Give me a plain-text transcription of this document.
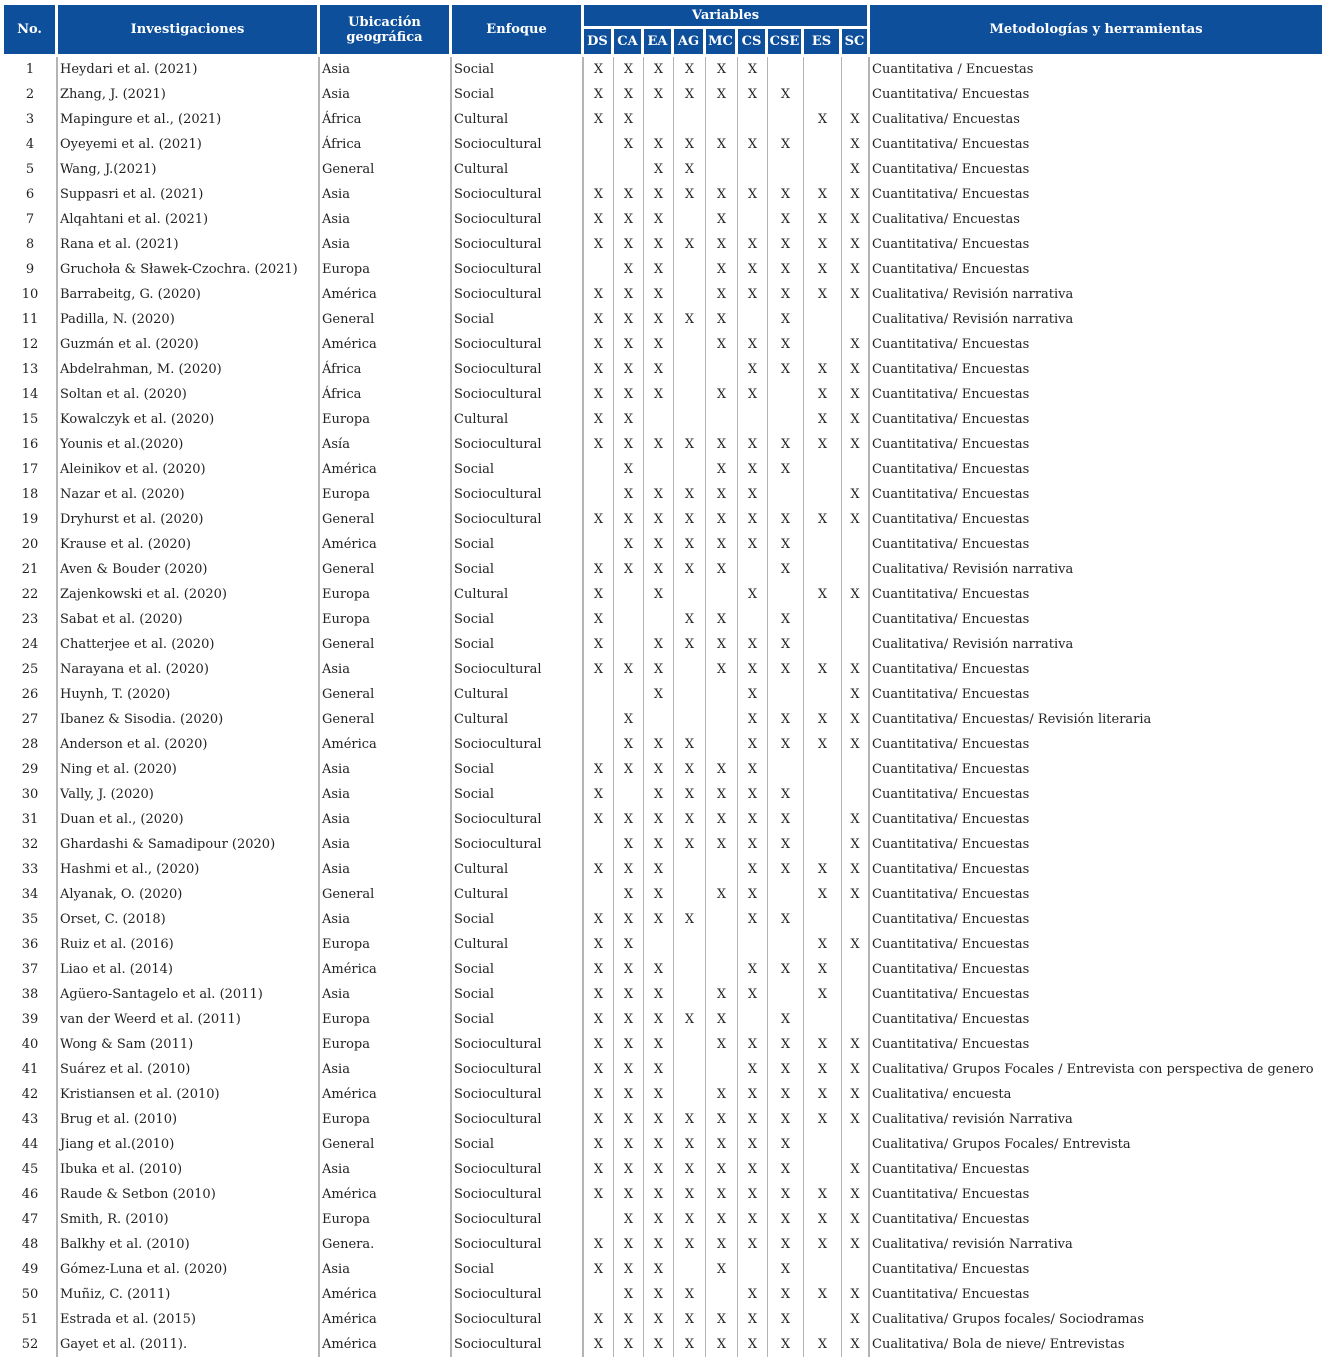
No.	Investigaciones	Ubicación geográfica	Enfoque	Variables									Metodologías y herramientas
				DS	CA	EA	AG	MC	CS	CSE	ES	SC	
1	Heydari et al. (2021)	Asia	Social	X	X	X	X	X	X				Cuantitativa / Encuestas
2	Zhang, J. (2021)	Asia	Social	X	X	X	X	X	X	X			Cuantitativa/ Encuestas
3	Mapingure et al., (2021)	África	Cultural	X	X						X	X	Cualitativa/ Encuestas
4	Oyeyemi et al. (2021)	África	Sociocultural		X	X	X	X	X	X		X	Cuantitativa/ Encuestas
5	Wang, J.(2021)	General	Cultural			X	X					X	Cuantitativa/ Encuestas
6	Suppasri et al. (2021)	Asia	Sociocultural	X	X	X	X	X	X	X	X	X	Cuantitativa/ Encuestas
7	Alqahtani et al. (2021)	Asia	Sociocultural	X	X	X		X		X	X	X	Cualitativa/ Encuestas
8	Rana et al. (2021)	Asia	Sociocultural	X	X	X	X	X	X	X	X	X	Cuantitativa/ Encuestas
9	Gruchoła & Sławek-Czochra. (2021)	Europa	Sociocultural		X	X		X	X	X	X	X	Cuantitativa/ Encuestas
10	Barrabeitg, G. (2020)	América	Sociocultural	X	X	X		X	X	X	X	X	Cualitativa/ Revisión narrativa
11	Padilla, N. (2020)	General	Social	X	X	X	X	X		X			Cualitativa/ Revisión narrativa
12	Guzmán et al. (2020)	América	Sociocultural	X	X	X		X	X	X		X	Cuantitativa/ Encuestas
13	Abdelrahman, M. (2020)	África	Sociocultural	X	X	X			X	X	X	X	Cuantitativa/ Encuestas
14	Soltan et al. (2020)	África	Sociocultural	X	X	X		X	X		X	X	Cuantitativa/ Encuestas
15	Kowalczyk et al. (2020)	Europa	Cultural	X	X						X	X	Cuantitativa/ Encuestas
16	Younis et al.(2020)	Asía	Sociocultural	X	X	X	X	X	X	X	X	X	Cuantitativa/ Encuestas
17	Aleinikov et al. (2020)	América	Social		X			X	X	X			Cuantitativa/ Encuestas
18	Nazar et al. (2020)	Europa	Sociocultural		X	X	X	X	X			X	Cuantitativa/ Encuestas
19	Dryhurst et al. (2020)	General	Sociocultural	X	X	X	X	X	X	X	X	X	Cuantitativa/ Encuestas
20	Krause et al. (2020)	América	Social		X	X	X	X	X	X			Cuantitativa/ Encuestas
21	Aven & Bouder (2020)	General	Social	X	X	X	X	X		X			Cualitativa/ Revisión narrativa
22	Zajenkowski et al. (2020)	Europa	Cultural	X		X			X		X	X	Cuantitativa/ Encuestas
23	Sabat et al. (2020)	Europa	Social	X			X	X		X			Cuantitativa/ Encuestas
24	Chatterjee et al. (2020)	General	Social	X		X	X	X	X	X			Cualitativa/ Revisión narrativa
25	Narayana et al. (2020)	Asia	Sociocultural	X	X	X		X	X	X	X	X	Cuantitativa/ Encuestas
26	Huynh, T. (2020)	General	Cultural			X			X			X	Cuantitativa/ Encuestas
27	Ibanez & Sisodia. (2020)	General	Cultural		X				X	X	X	X	Cuantitativa/ Encuestas/ Revisión literaria
28	Anderson et al. (2020)	América	Sociocultural		X	X	X		X	X	X	X	Cuantitativa/ Encuestas
29	Ning et al. (2020)	Asia	Social	X	X	X	X	X	X				Cuantitativa/ Encuestas
30	Vally, J. (2020)	Asia	Social	X		X	X	X	X	X			Cuantitativa/ Encuestas
31	Duan et al., (2020)	Asia	Sociocultural	X	X	X	X	X	X	X		X	Cuantitativa/ Encuestas
32	Ghardashi & Samadipour (2020)	Asia	Sociocultural		X	X	X	X	X	X		X	Cuantitativa/ Encuestas
33	Hashmi et al., (2020)	Asia	Cultural	X	X	X			X	X	X	X	Cuantitativa/ Encuestas
34	Alyanak, O. (2020)	General	Cultural		X	X		X	X		X	X	Cuantitativa/ Encuestas
35	Orset, C. (2018)	Asia	Social	X	X	X	X		X	X			Cuantitativa/ Encuestas
36	Ruiz et al. (2016)	Europa	Cultural	X	X						X	X	Cuantitativa/ Encuestas
37	Liao et al. (2014)	América	Social	X	X	X			X	X	X		Cuantitativa/ Encuestas
38	Agüero-Santagelo et al. (2011)	Asia	Social	X	X	X		X	X		X		Cuantitativa/ Encuestas
39	van der Weerd et al. (2011)	Europa	Social	X	X	X	X	X		X			Cuantitativa/ Encuestas
40	Wong & Sam (2011)	Europa	Sociocultural	X	X	X		X	X	X	X	X	Cuantitativa/ Encuestas
41	Suárez et al. (2010)	Asia	Sociocultural	X	X	X			X	X	X	X	Cualitativa/ Grupos Focales / Entrevista con perspectiva de genero
42	Kristiansen et al. (2010)	América	Sociocultural	X	X	X		X	X	X	X	X	Cualitativa/ encuesta
43	Brug et al. (2010)	Europa	Sociocultural	X	X	X	X	X	X	X	X	X	Cualitativa/ revisión Narrativa
44	Jiang et al.(2010)	General	Social	X	X	X	X	X	X	X			Cualitativa/ Grupos Focales/ Entrevista
45	Ibuka et al. (2010)	Asia	Sociocultural	X	X	X	X	X	X	X		X	Cuantitativa/ Encuestas
46	Raude & Setbon (2010)	América	Sociocultural	X	X	X	X	X	X	X	X	X	Cuantitativa/ Encuestas
47	Smith, R. (2010)	Europa	Sociocultural		X	X	X	X	X	X	X	X	Cuantitativa/ Encuestas
48	Balkhy et al. (2010)	Genera.	Sociocultural	X	X	X	X	X	X	X	X	X	Cualitativa/ revisión Narrativa
49	Gómez-Luna et al. (2020)	Asia	Social	X	X	X		X		X			Cuantitativa/ Encuestas
50	Muñiz, C. (2011)	América	Sociocultural		X	X	X		X	X	X	X	Cuantitativa/ Encuestas
51	Estrada et al. (2015)	América	Sociocultural	X	X	X	X	X	X	X		X	Cualitativa/ Grupos focales/ Sociodramas
52	Gayet et al. (2011).	América	Sociocultural	X	X	X	X	X	X	X	X	X	Cualitativa/ Bola de nieve/ Entrevistas
